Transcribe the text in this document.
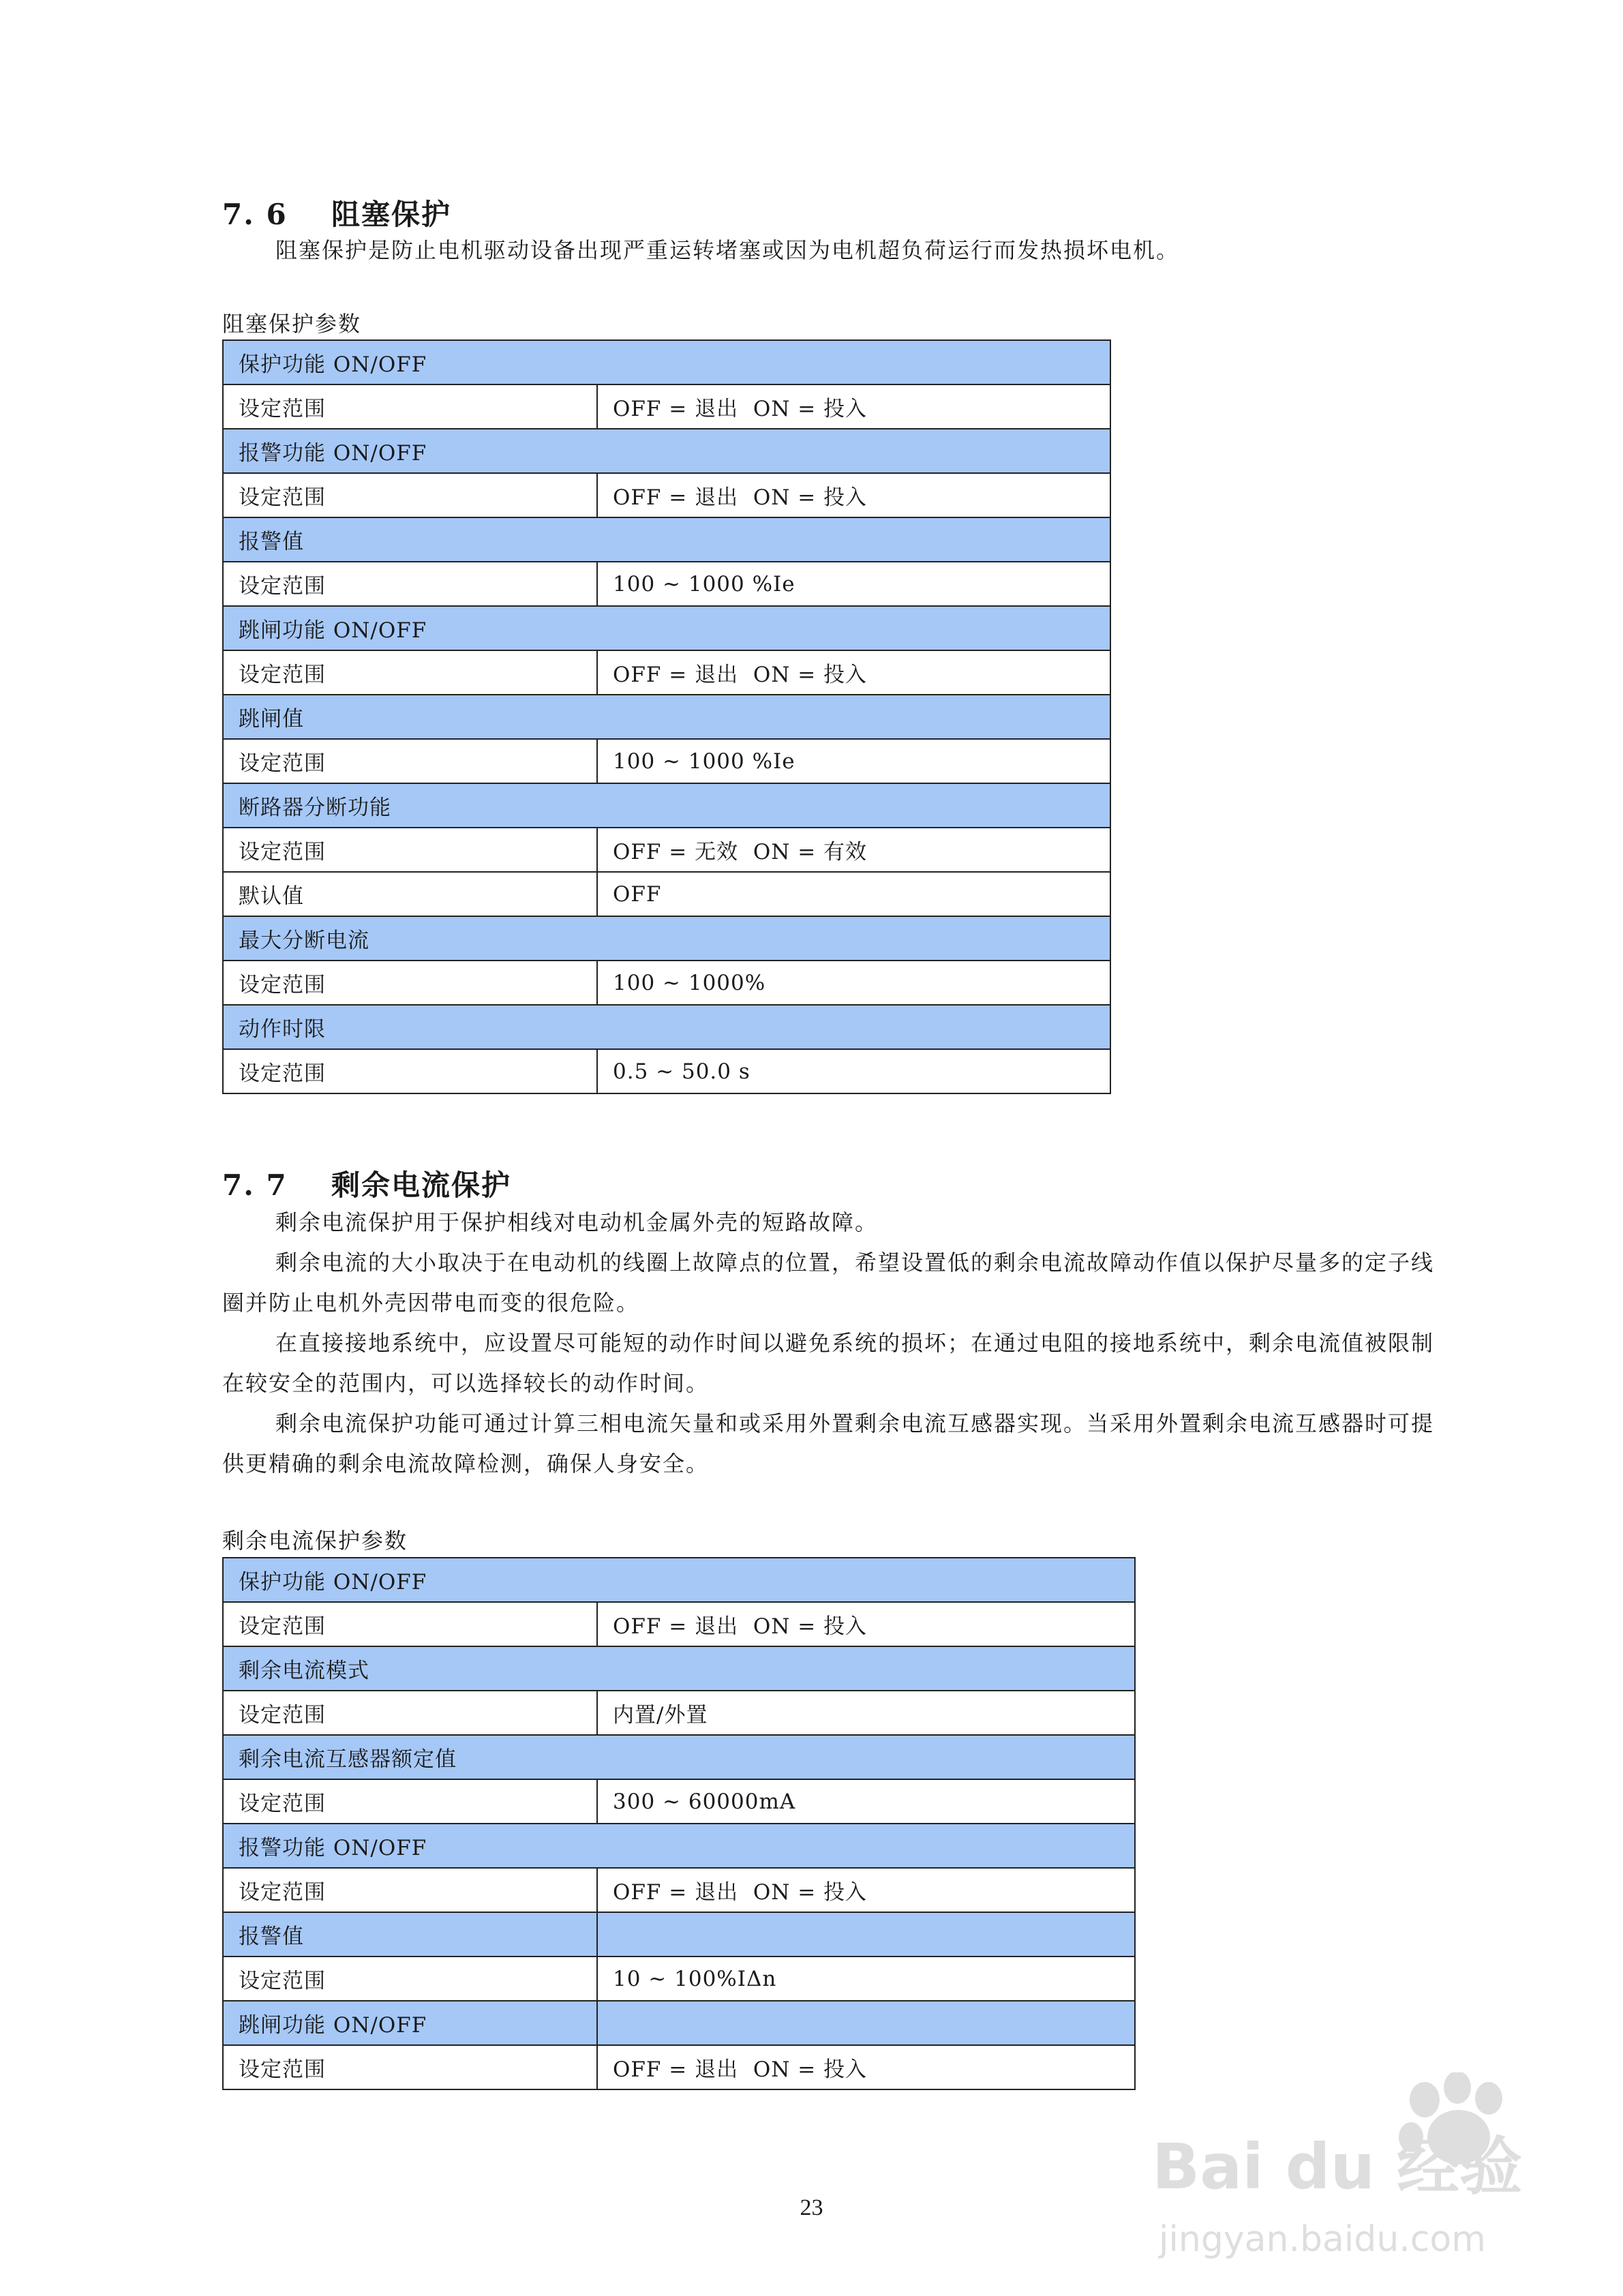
7. 6 阻塞保护
阻塞保护是防止电机驱动设备出现严重运转堵塞或因为电机超负荷运行而发热损坏电机。
阻塞保护参数
保护功能 ON/OFF	
设定范围	OFF = 退出  ON = 投入
报警功能 ON/OFF	
设定范围	OFF = 退出  ON = 投入
报警值	
设定范围	100 ~ 1000 %Ie
跳闸功能 ON/OFF	
设定范围	OFF = 退出  ON = 投入
跳闸值	
设定范围	100 ~ 1000 %Ie
断路器分断功能	
设定范围	OFF = 无效  ON = 有效
默认值	OFF
最大分断电流	
设定范围	100 ~ 1000%
动作时限	
设定范围	0.5 ~ 50.0 s
7. 7 剩余电流保护
剩余电流保护用于保护相线对电动机金属外壳的短路故障。
剩余电流的大小取决于在电动机的线圈上故障点的位置，希望设置低的剩余电流故障动作值以保护尽量多的定子线圈并防止电机外壳因带电而变的很危险。
在直接接地系统中，应设置尽可能短的动作时间以避免系统的损坏；在通过电阻的接地系统中，剩余电流值被限制在较安全的范围内，可以选择较长的动作时间。
剩余电流保护功能可通过计算三相电流矢量和或采用外置剩余电流互感器实现。当采用外置剩余电流互感器时可提供更精确的剩余电流故障检测，确保人身安全。
剩余电流保护参数
保护功能 ON/OFF	
设定范围	OFF = 退出  ON = 投入
剩余电流模式	
设定范围	内置/外置
剩余电流互感器额定值	
设定范围	300 ~ 60000mA
报警功能 ON/OFF	
设定范围	OFF = 退出  ON = 投入
报警值	
设定范围	10 ~ 100%IΔn
跳闸功能 ON/OFF	
设定范围	OFF = 退出  ON = 投入
23
Bai du 经验
jingyan.baidu.com
